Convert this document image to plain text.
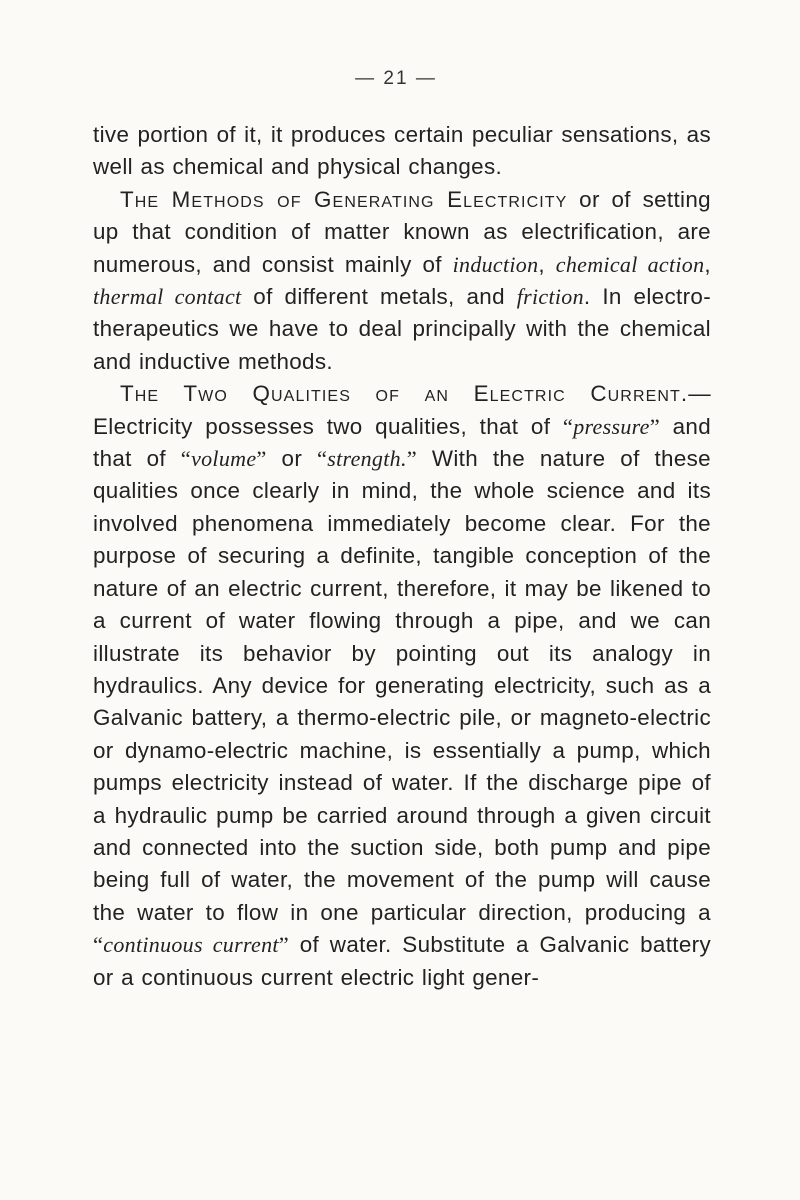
— 21 —

tive portion of it, it produces certain peculiar sensations, as well as chemical and physical changes.

The Methods of Generating Electricity or of setting up that condition of matter known as electrification, are numerous, and consist mainly of induction, chemical action, thermal contact of different metals, and friction. In electro-therapeutics we have to deal principally with the chemical and inductive methods.

The Two Qualities of an Electric Current.—Electricity possesses two qualities, that of “pressure” and that of “volume” or “strength.” With the nature of these qualities once clearly in mind, the whole science and its involved phenomena immediately become clear. For the purpose of securing a definite, tangible conception of the nature of an electric current, therefore, it may be likened to a current of water flowing through a pipe, and we can illustrate its behavior by pointing out its analogy in hydraulics. Any device for generating electricity, such as a Galvanic battery, a thermo-electric pile, or magneto-electric or dynamo-electric machine, is essentially a pump, which pumps electricity instead of water. If the discharge pipe of a hydraulic pump be carried around through a given circuit and connected into the suction side, both pump and pipe being full of water, the movement of the pump will cause the water to flow in one particular direction, producing a “continuous current” of water. Substitute a Galvanic battery or a continuous current electric light gener-
